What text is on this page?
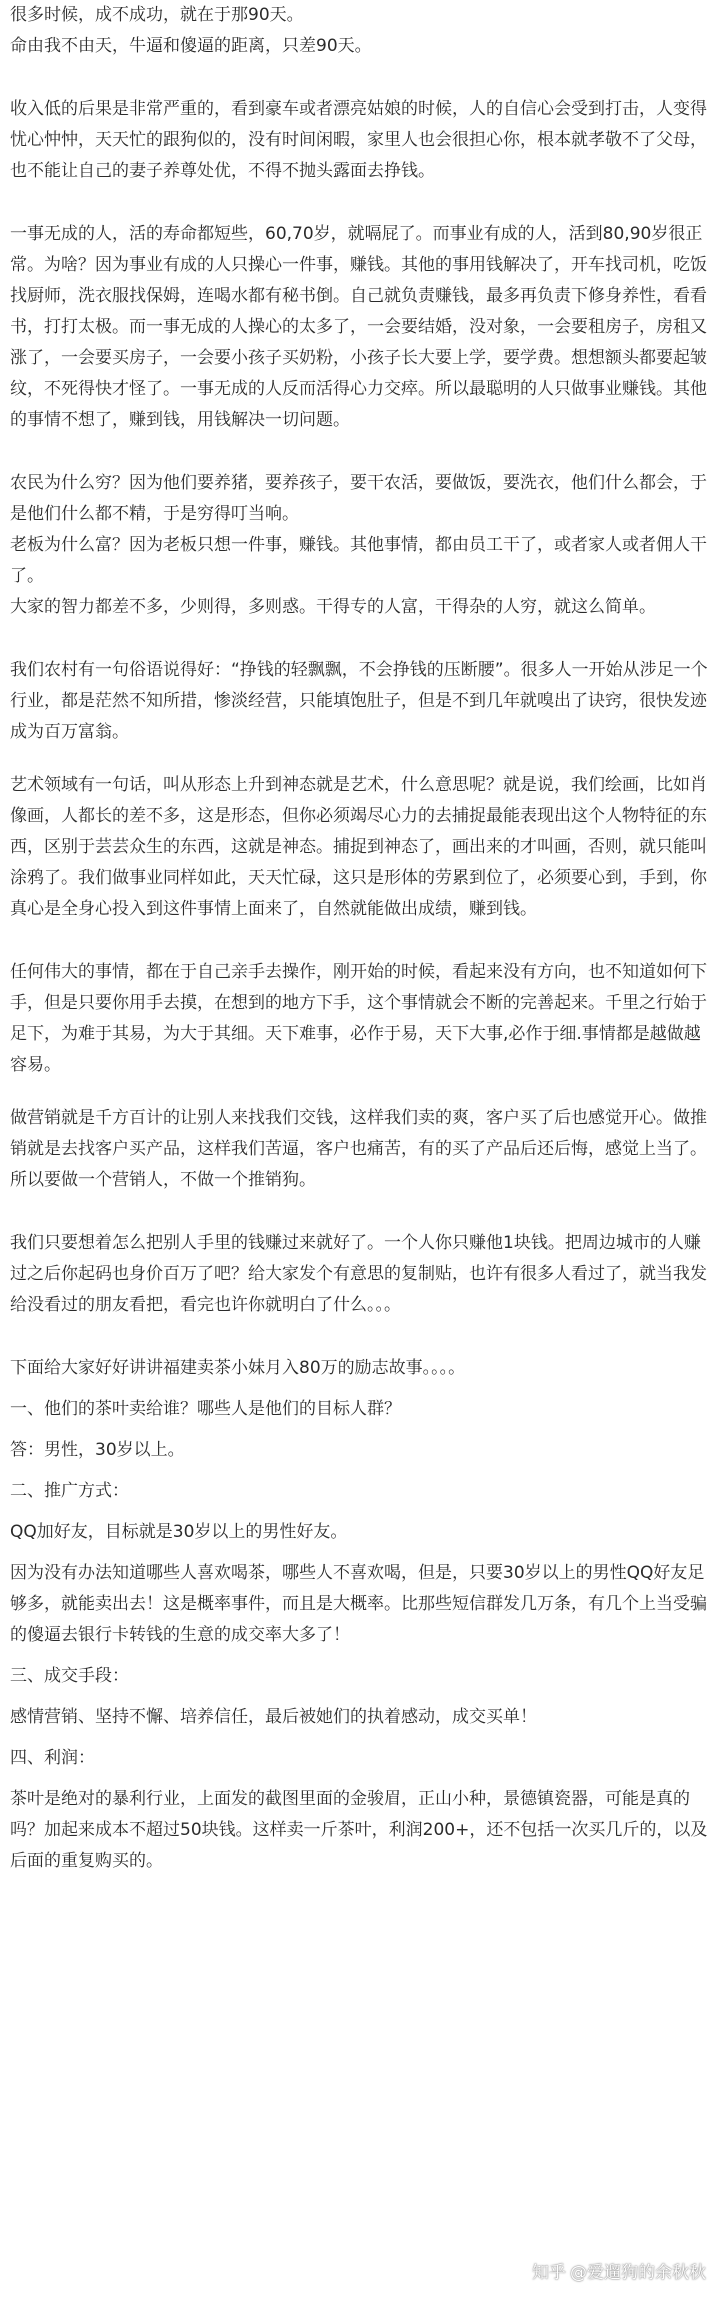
很多时候，成不成功，就在于那90天。

命由我不由天，牛逼和傻逼的距离，只差90天。

收入低的后果是非常严重的，看到豪车或者漂亮姑娘的时候，人的自信心会受到打击，人变得忧心忡忡，天天忙的跟狗似的，没有时间闲暇，家里人也会很担心你，根本就孝敬不了父母，也不能让自己的妻子养尊处优，不得不抛头露面去挣钱。

一事无成的人，活的寿命都短些，60,70岁，就嗝屁了。而事业有成的人，活到80,90岁很正常。为啥？因为事业有成的人只操心一件事，赚钱。其他的事用钱解决了，开车找司机，吃饭找厨师，洗衣服找保姆，连喝水都有秘书倒。自己就负责赚钱，最多再负责下修身养性，看看书，打打太极。而一事无成的人操心的太多了，一会要结婚，没对象，一会要租房子，房租又涨了，一会要买房子，一会要小孩子买奶粉，小孩子长大要上学，要学费。想想额头都要起皱纹，不死得快才怪了。一事无成的人反而活得心力交瘁。所以最聪明的人只做事业赚钱。其他的事情不想了，赚到钱，用钱解决一切问题。

农民为什么穷？因为他们要养猪，要养孩子，要干农活，要做饭，要洗衣，他们什么都会，于是他们什么都不精，于是穷得叮当响。

老板为什么富？因为老板只想一件事，赚钱。其他事情，都由员工干了，或者家人或者佣人干了。

大家的智力都差不多，少则得，多则惑。干得专的人富，干得杂的人穷，就这么简单。

我们农村有一句俗语说得好：“挣钱的轻飘飘，不会挣钱的压断腰”。很多人一开始从涉足一个行业，都是茫然不知所措，惨淡经营，只能填饱肚子，但是不到几年就嗅出了诀窍，很快发迹成为百万富翁。

艺术领域有一句话，叫从形态上升到神态就是艺术，什么意思呢？就是说，我们绘画，比如肖像画，人都长的差不多，这是形态，但你必须竭尽心力的去捕捉最能表现出这个人物特征的东西，区别于芸芸众生的东西，这就是神态。捕捉到神态了，画出来的才叫画，否则，就只能叫涂鸦了。我们做事业同样如此，天天忙碌，这只是形体的劳累到位了，必须要心到，手到，你真心是全身心投入到这件事情上面来了，自然就能做出成绩，赚到钱。

任何伟大的事情，都在于自己亲手去操作，刚开始的时候，看起来没有方向，也不知道如何下手，但是只要你用手去摸，在想到的地方下手，这个事情就会不断的完善起来。千里之行始于足下，为难于其易，为大于其细。天下难事，必作于易，天下大事,必作于细.事情都是越做越容易。

做营销就是千方百计的让别人来找我们交钱，这样我们卖的爽，客户买了后也感觉开心。做推销就是去找客户买产品，这样我们苦逼，客户也痛苦，有的买了产品后还后悔，感觉上当了。所以要做一个营销人，不做一个推销狗。

我们只要想着怎么把别人手里的钱赚过来就好了。一个人你只赚他1块钱。把周边城市的人赚过之后你起码也身价百万了吧？给大家发个有意思的复制贴，也许有很多人看过了，就当我发给没看过的朋友看把，看完也许你就明白了什么。。。

下面给大家好好讲讲福建卖茶小妹月入80万的励志故事。。。。

一、他们的茶叶卖给谁？哪些人是他们的目标人群？

答：男性，30岁以上。

二、推广方式：

QQ加好友，目标就是30岁以上的男性好友。

因为没有办法知道哪些人喜欢喝茶，哪些人不喜欢喝，但是，只要30岁以上的男性QQ好友足够多，就能卖出去！这是概率事件，而且是大概率。比那些短信群发几万条，有几个上当受骗的傻逼去银行卡转钱的生意的成交率大多了！

三、成交手段：

感情营销、坚持不懈、培养信任，最后被她们的执着感动，成交买单！

四、利润：

茶叶是绝对的暴利行业，上面发的截图里面的金骏眉，正山小种，景德镇瓷器，可能是真的吗？加起来成本不超过50块钱。这样卖一斤茶叶，利润200+，还不包括一次买几斤的，以及后面的重复购买的。

知乎 @爱遛狗的余秋秋
